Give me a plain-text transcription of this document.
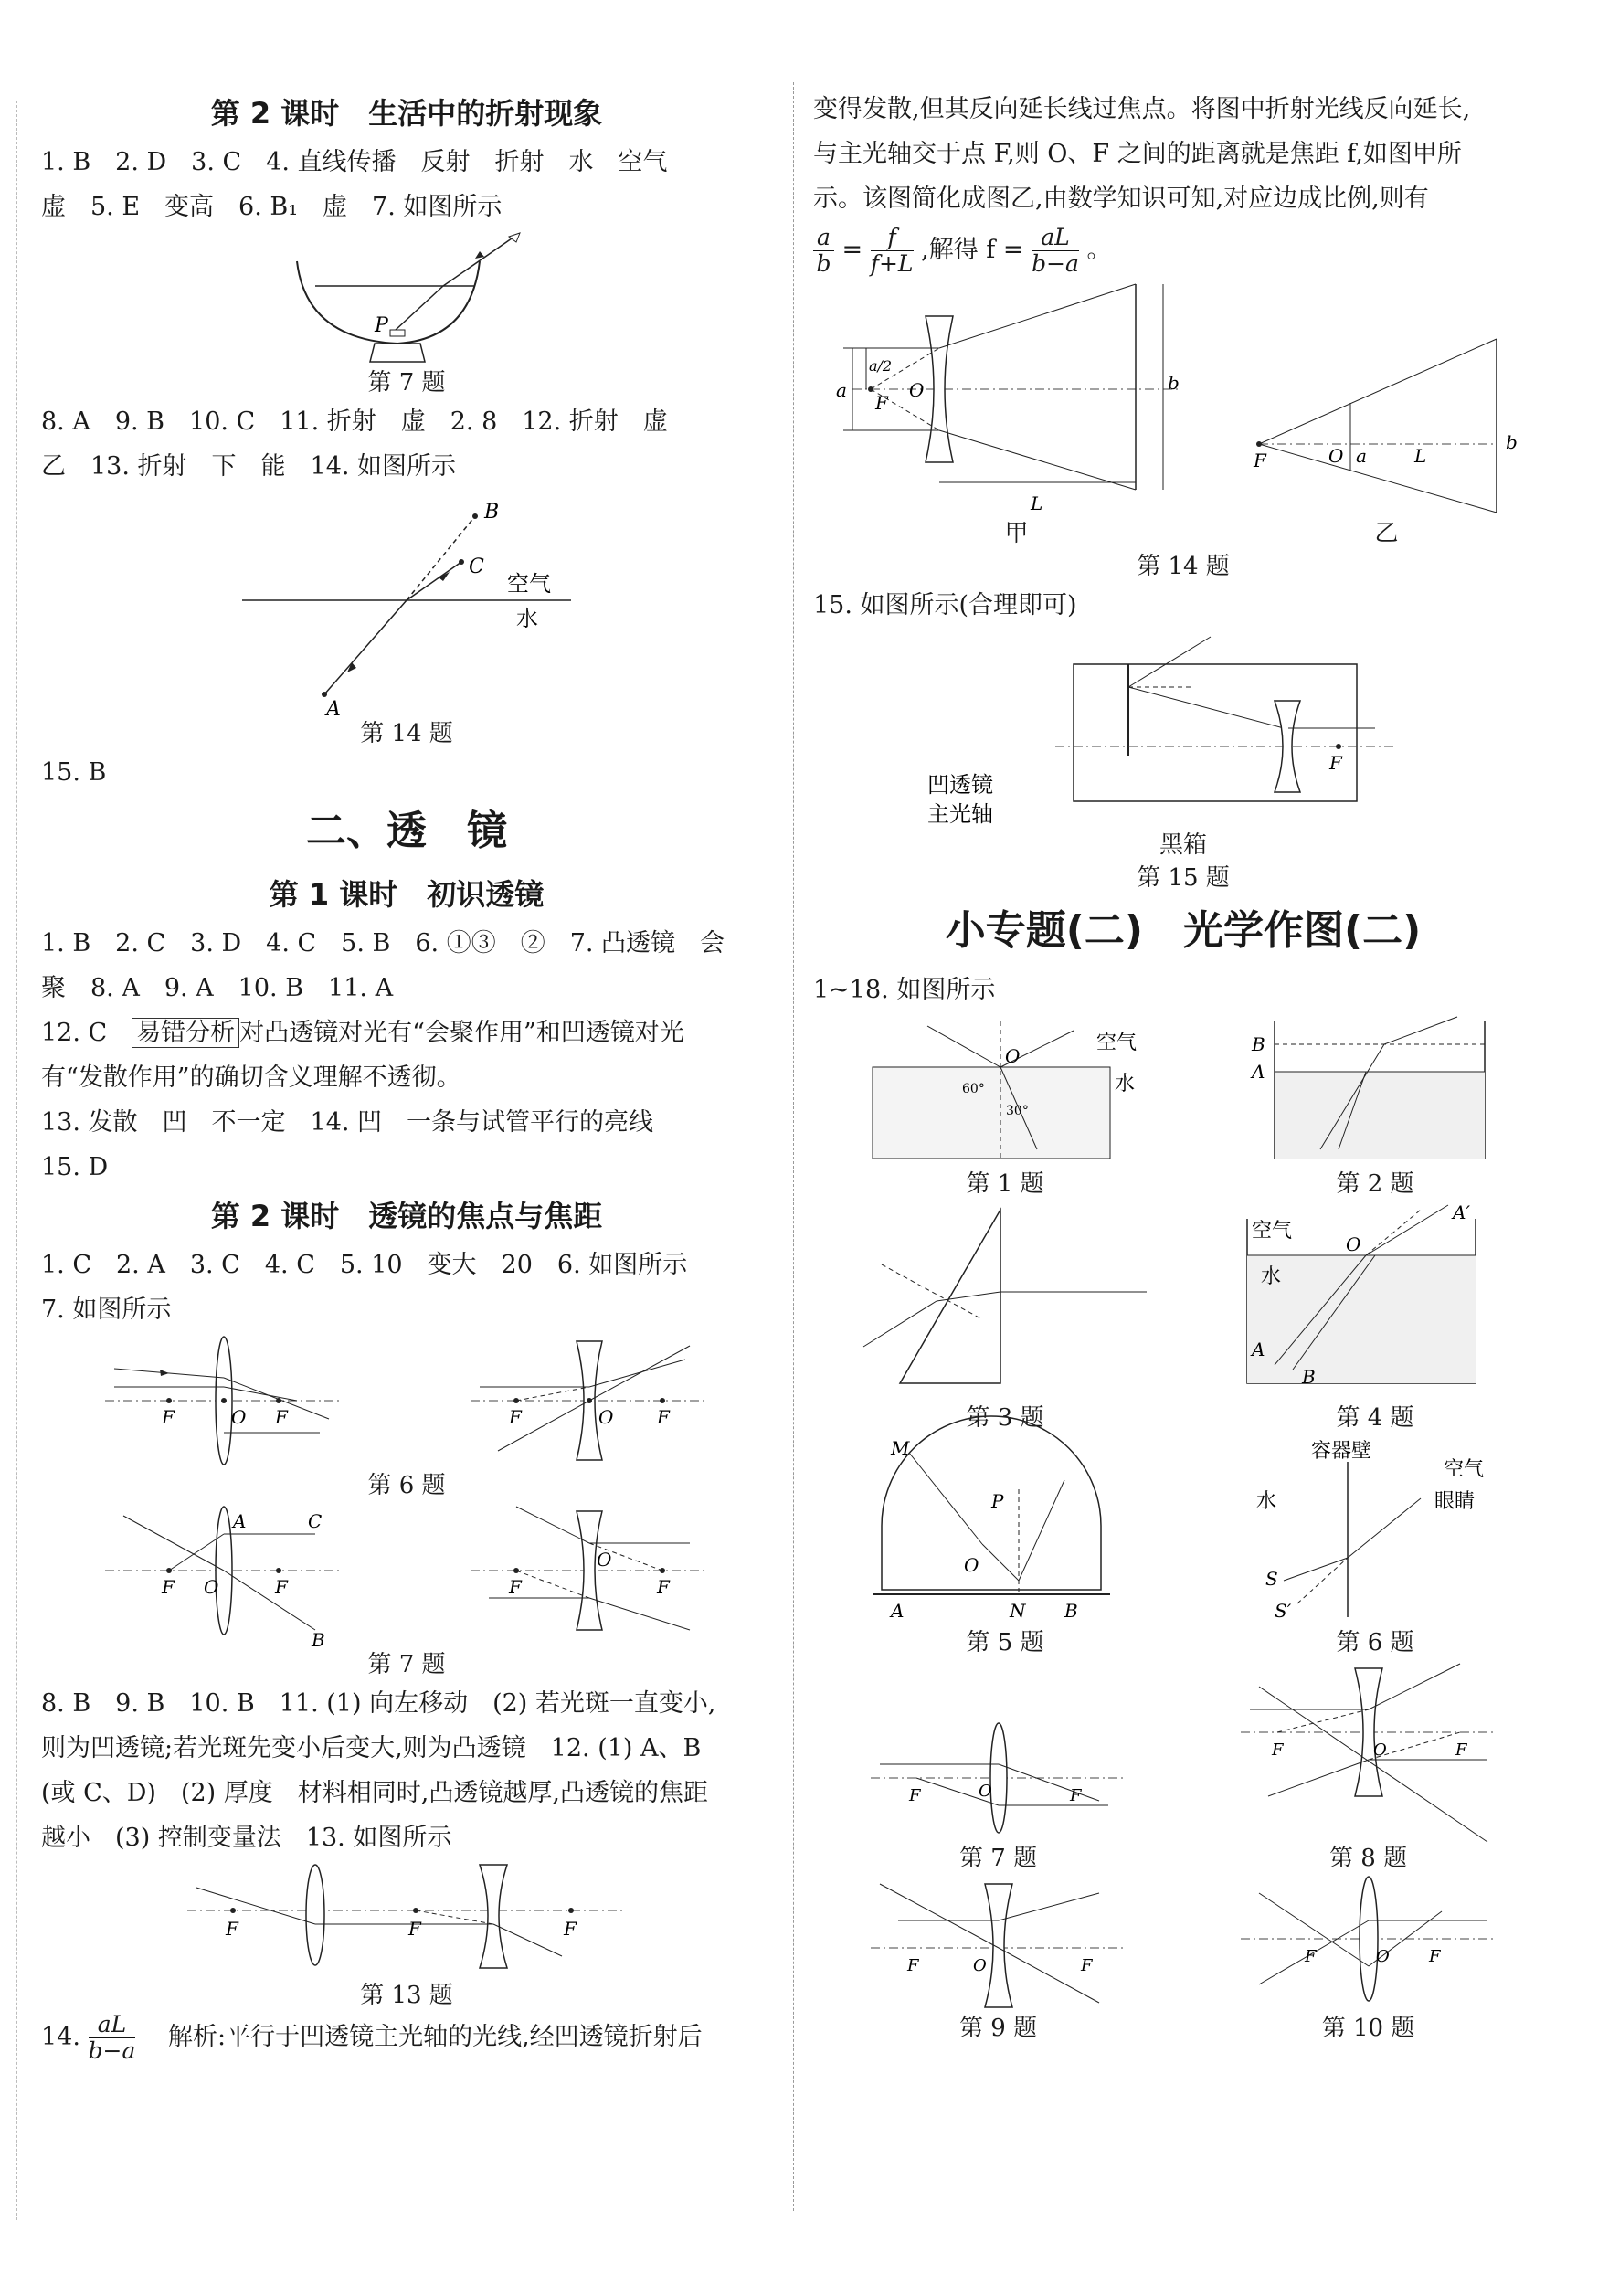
第 2 课时　生活中的折射现象
1. B　2. D　3. C　4. 直线传播　反射　折射　水　空气
虚　5. E　变高　6. B₁　虚　7. 如图所示
P
第 7 题
8. A　9. B　10. C　11. 折射　虚　2. 8　12. 折射　虚
乙　13. 折射　下　能　14. 如图所示
B
C
A
空气
水
第 14 题
15. B
二、透　镜
第 1 课时　初识透镜
1. B　2. C　3. D　4. C　5. B　6. ①③　②　7. 凸透镜　会
聚　8. A　9. A　10. B　11. A
12. C　易错分析 对凸透镜对光有“会聚作用”和凹透镜对光
有“发散作用”的确切含义理解不透彻。
13. 发散　凹　不一定　14. 凹　一条与试管平行的亮线
15. D
第 2 课时　透镜的焦点与焦距
1. C　2. A　3. C　4. C　5. 10　变大　20　6. 如图所示
7. 如图所示
F	O F	F	O F
第 6 题
F O	F
A	C
B
F
O
F
第 7 题
8. B　9. B　10. B　11. (1) 向左移动　(2) 若光斑一直变小,
则为凹透镜;若光斑先变小后变大,则为凸透镜　12. (1) A、B
(或 C、D)　(2) 厚度　材料相同时,凸透镜越厚,凸透镜的焦距
越小　(3) 控制变量法　13. 如图所示
F	F	F
第 13 题
14. $\frac{aL}{b-a}$ 　解析:平行于凹透镜主光轴的光线,经凹透镜折射后
变得发散,但其反向延长线过焦点。将图中折射光线反向延长,
与主光轴交于点 F,则 O、F 之间的距离就是焦距 f,如图甲所
示。该图简化成图乙,由数学知识可知,对应边成比例,则有
$\frac{a}{b} = \frac{f}{f+L}$ ,解得 $f = \frac{aL}{b-a}$ 。
a
a/2
F
O	b
L
甲
F	O a	L
b
乙
第 14 题
15. 如图所示(合理即可)
F
凹透镜
主光轴
黑箱
第 15 题
小专题(二)　光学作图(二)
1~18. 如图所示
O
60°
30°
空气
水
第 1 题
B
A
第 2 题
第 3 题
空气
水
O
A′
A
B
第 4 题
M
P
O
A	N B
第 5 题
容器壁
空气
眼睛
水
S
S′
第 6 题
F	O	F
第 7 题
F	O	F
第 8 题
F	O	F
第 9 题
F	O F
第 10 题
